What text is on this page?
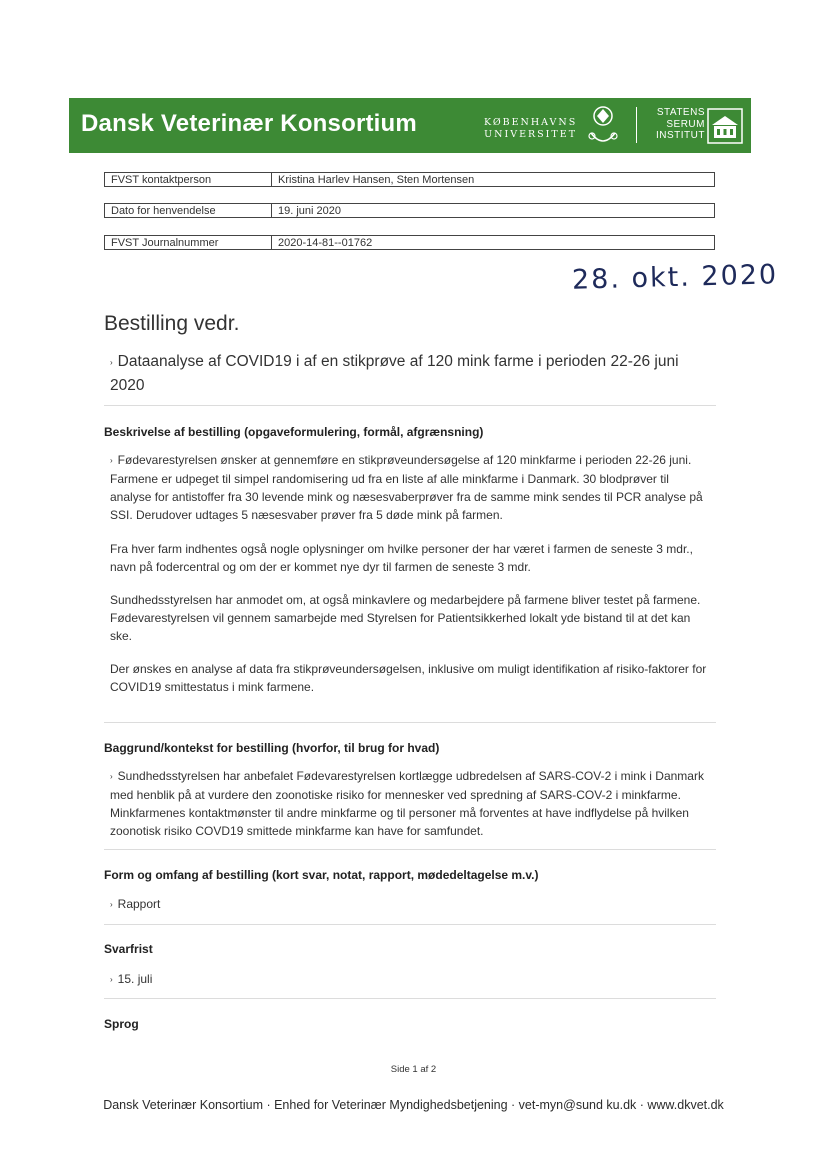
Dansk Veterinær Konsortium	KØBENHAVNS
UNIVERSITET
STATENS
SERUM
INSTITUT
FVST kontaktperson	Kristina Harlev Hansen, Sten Mortensen
Dato for henvendelse	19. juni 2020
FVST Journalnummer	2020-14-81--01762
28. okt. 2020
Bestilling vedr.
› Dataanalyse af COVID19 i af en stikprøve af 120 mink farme i perioden 22-26 juni 2020
Beskrivelse af bestilling (opgaveformulering, formål, afgrænsning)
› Fødevarestyrelsen ønsker at gennemføre en stikprøveundersøgelse af 120 minkfarme i perioden 22-26 juni. Farmene er udpeget til simpel randomisering ud fra en liste af alle minkfarme i Danmark. 30 blodprøver til analyse for antistoffer fra 30 levende mink og næsesvaberprøver fra de samme mink sendes til PCR analyse på SSI. Derudover udtages 5 næsesvaber prøver fra 5 døde mink på farmen.
Fra hver farm indhentes også nogle oplysninger om hvilke personer der har været i farmen de seneste 3 mdr., navn på fodercentral og om der er kommet nye dyr til farmen de seneste 3 mdr.
Sundhedsstyrelsen har anmodet om, at også minkavlere og medarbejdere på farmene bliver testet på farmene. Fødevarestyrelsen vil gennem samarbejde med Styrelsen for Patientsikkerhed lokalt yde bistand til at det kan ske.
Der ønskes en analyse af data fra stikprøveundersøgelsen, inklusive om muligt identifikation af risiko-faktorer for COVID19 smittestatus i mink farmene.
Baggrund/kontekst for bestilling (hvorfor, til brug for hvad)
› Sundhedsstyrelsen har anbefalet Fødevarestyrelsen kortlægge udbredelsen af SARS-COV-2 i mink i Danmark med henblik på at vurdere den zoonotiske risiko for mennesker ved spredning af SARS-COV-2 i minkfarme. Minkfarmenes kontaktmønster til andre minkfarme og til personer må forventes at have indflydelse på hvilken zoonotisk risiko COVD19 smittede minkfarme kan have for samfundet.
Form og omfang af bestilling (kort svar, notat, rapport, mødedeltagelse m.v.)
› Rapport
Svarfrist
› 15. juli
Sprog
Side 1 af 2
Dansk Veterinær Konsortium · Enhed for Veterinær Myndighedsbetjening · vet-myn@sund ku.dk · www.dkvet.dk
